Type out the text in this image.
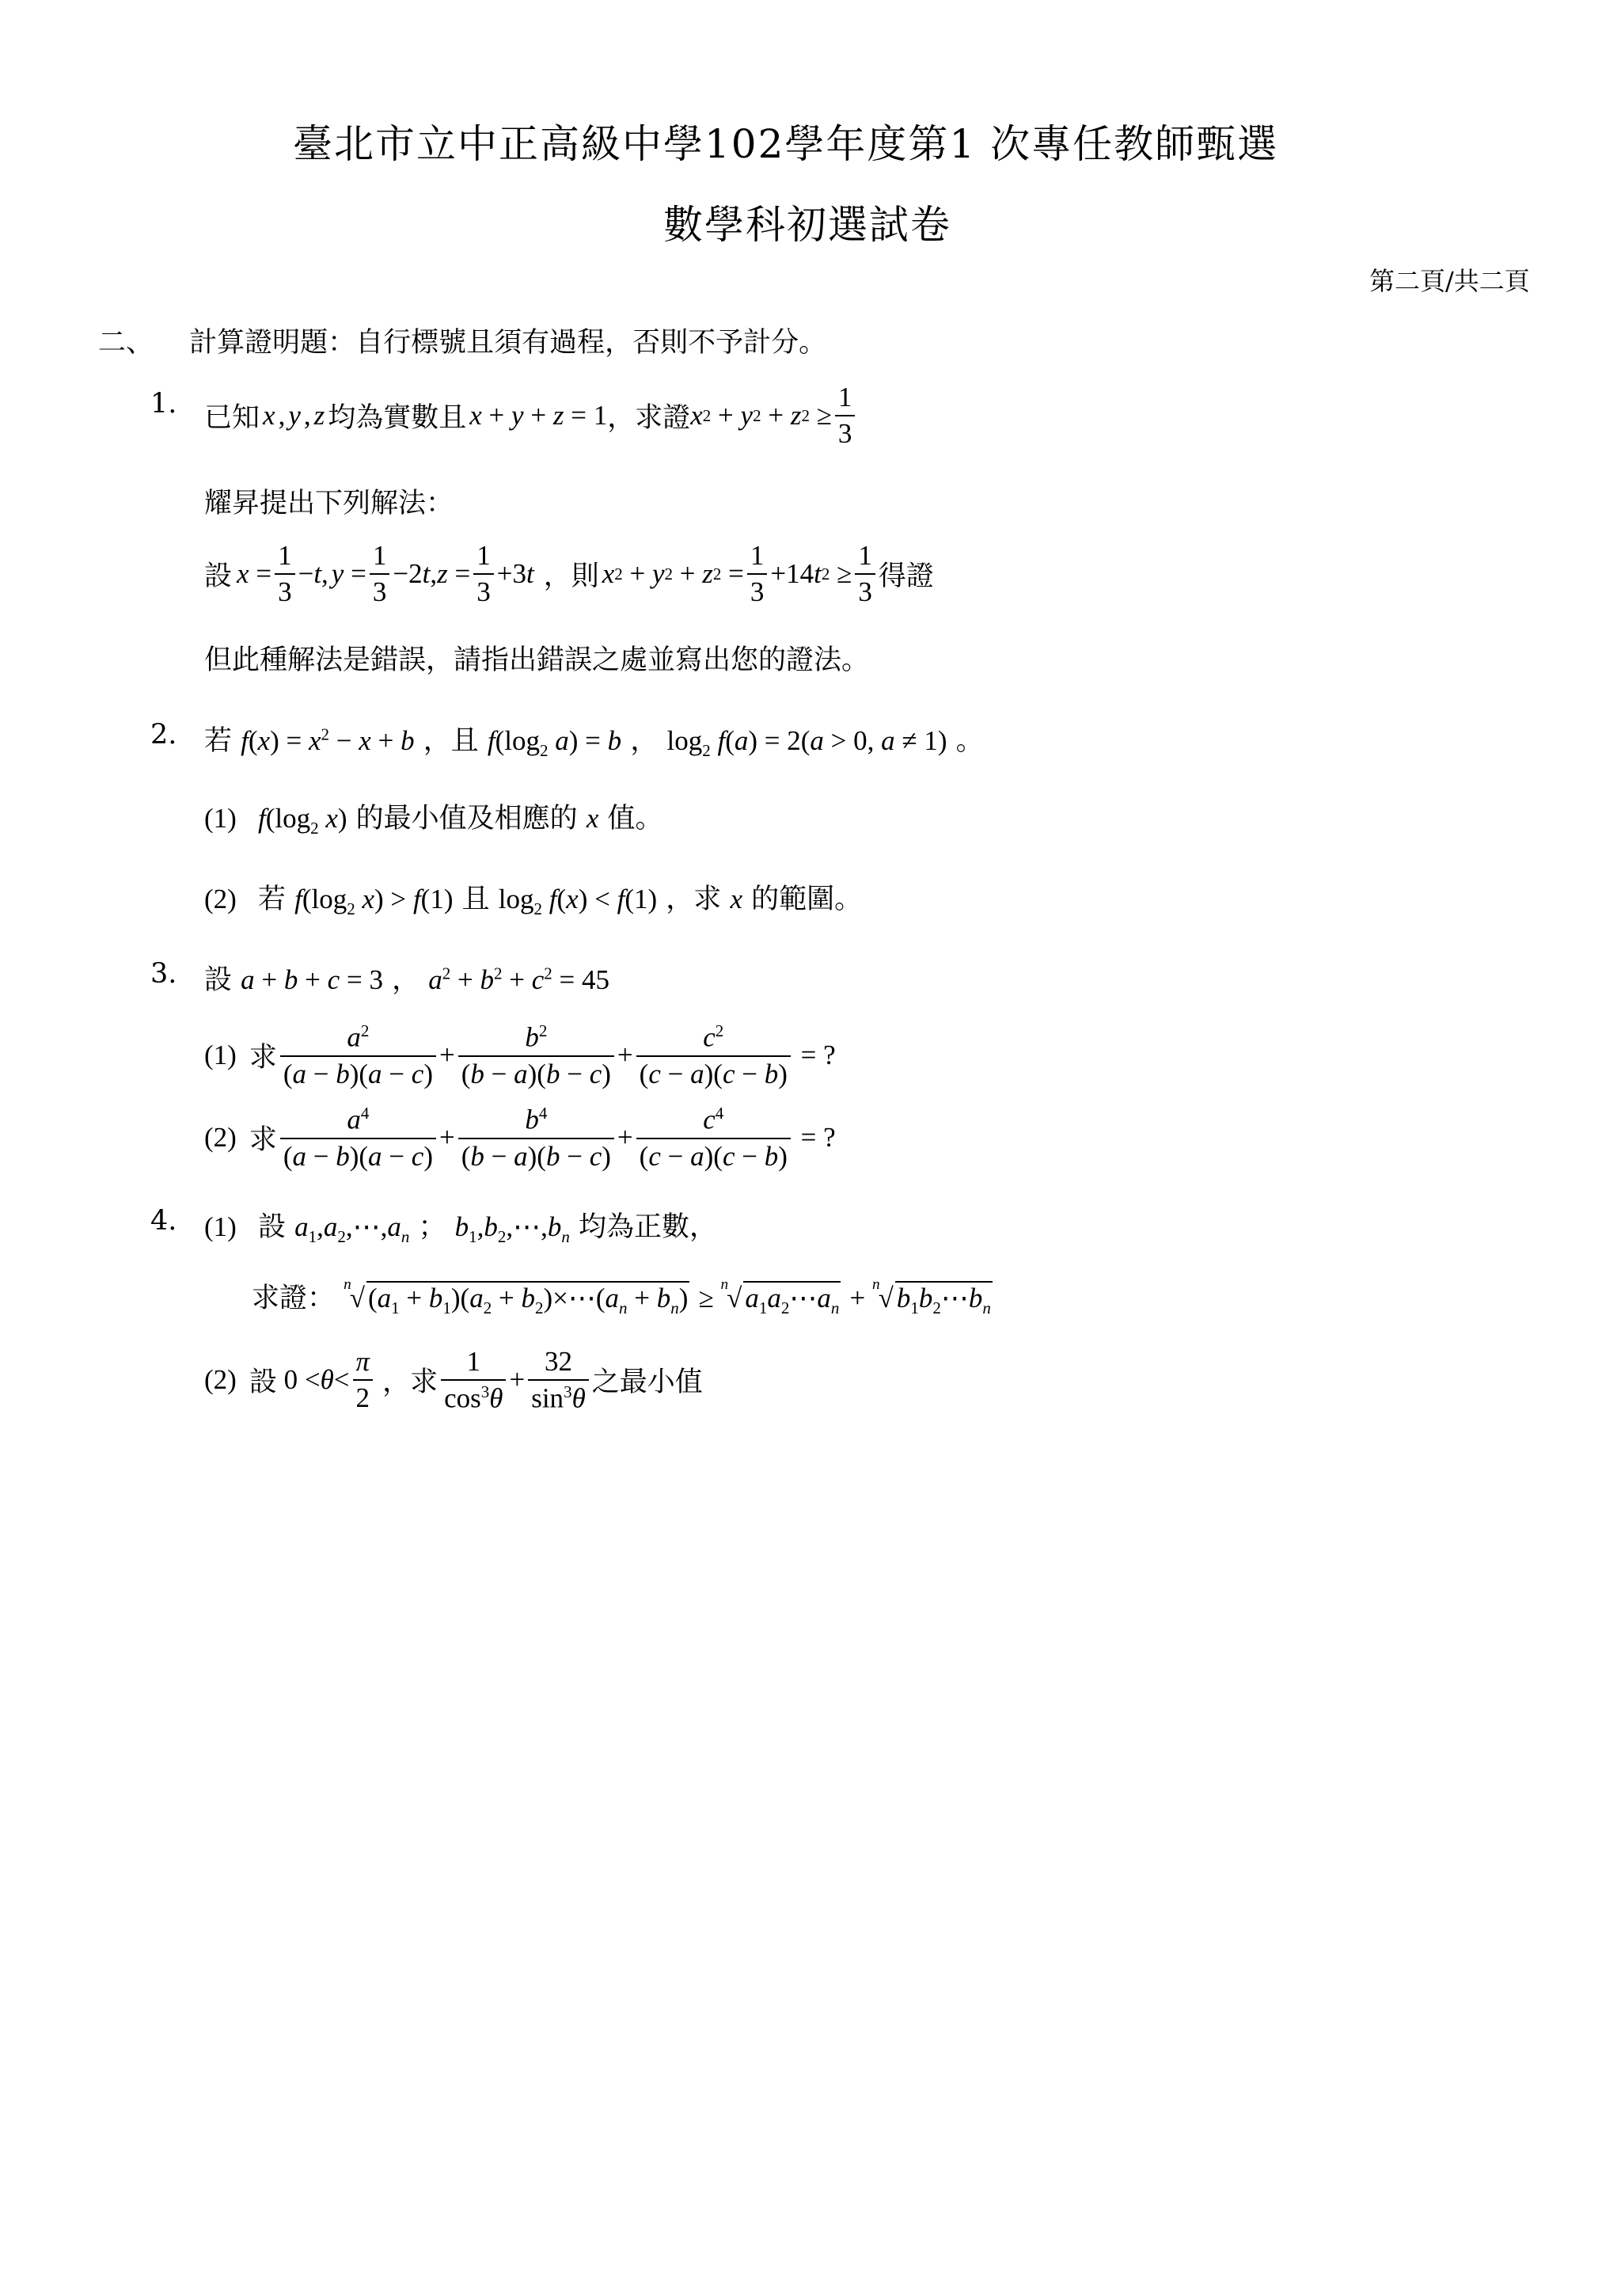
臺北市立中正高級中學102學年度第1 次專任教師甄選
數學科初選試卷
第二頁/共二頁
二、 計算證明題：自行標號且須有過程，否則不予計分。
1. 已知 x , y , z 均為實數且 x + y + z = 1 ，求證 x 2 + y 2 + z $2 \ge \frac{1}{3}$
耀昇提出下列解法：
設 $x = \frac{1}{3} - t$ , $y = \frac{1}{3} -2$ t , $z = \frac{1}{3} +3$ t ，則 x 2 + y 2 + z $2 = \frac{1}{3} +14$ t $2 \ge \frac{1}{3}$ 得證
但此種解法是錯誤，請指出錯誤之處並寫出您的證法。
2. 若 $f(x) = x^2 - x + b$ ，且 $f(\log_2$ a) = b ， $\log_2 f(a) = 2(a > 0$, a ≠ 1) 。
(1) $f(\log_2$ x) 的最小值及相應的 x 值。
(2) 若 $f(\log_2$ x) > f(1) 且 $\log_2 f(x) < f(1)$ ，求 x 的範圍。
3. 設 a + b + c = 3 ， $a^2 + b^2 + c^2 = 45$
(1) 求 $\frac{a^2}{(a - b)(a - c)} + \frac{b^2}{(b - a)(b - c)} + \frac{c^2}{(c - a)(c - b)}$ = ?
(2) 求 $\frac{a^4}{(a - b)(a - c)} + \frac{b^4}{(b - a)(b - c)} + \frac{c^4}{(c - a)(c - b)}$ = ?
4. (1) 設 $a_1,a_2,\cdots,a_n$ ； $b_1,b_2,\cdots,b_n$ 均為正數，
求證： $^n$√ $(a_1 + b_1)(a_2$ + $b_2)\times\cdots(a_n + b_n) \ge ^n√$ $a_1a_2\cdots a_n + ^n√$ $b_1b_2\cdots b_n$
(2) 設 $0 < \theta < \frac{\pi}{2}$ ，求 $\frac{1}{\cos^3\theta} + \frac{32}{\sin^3\theta}$ 之最小值
